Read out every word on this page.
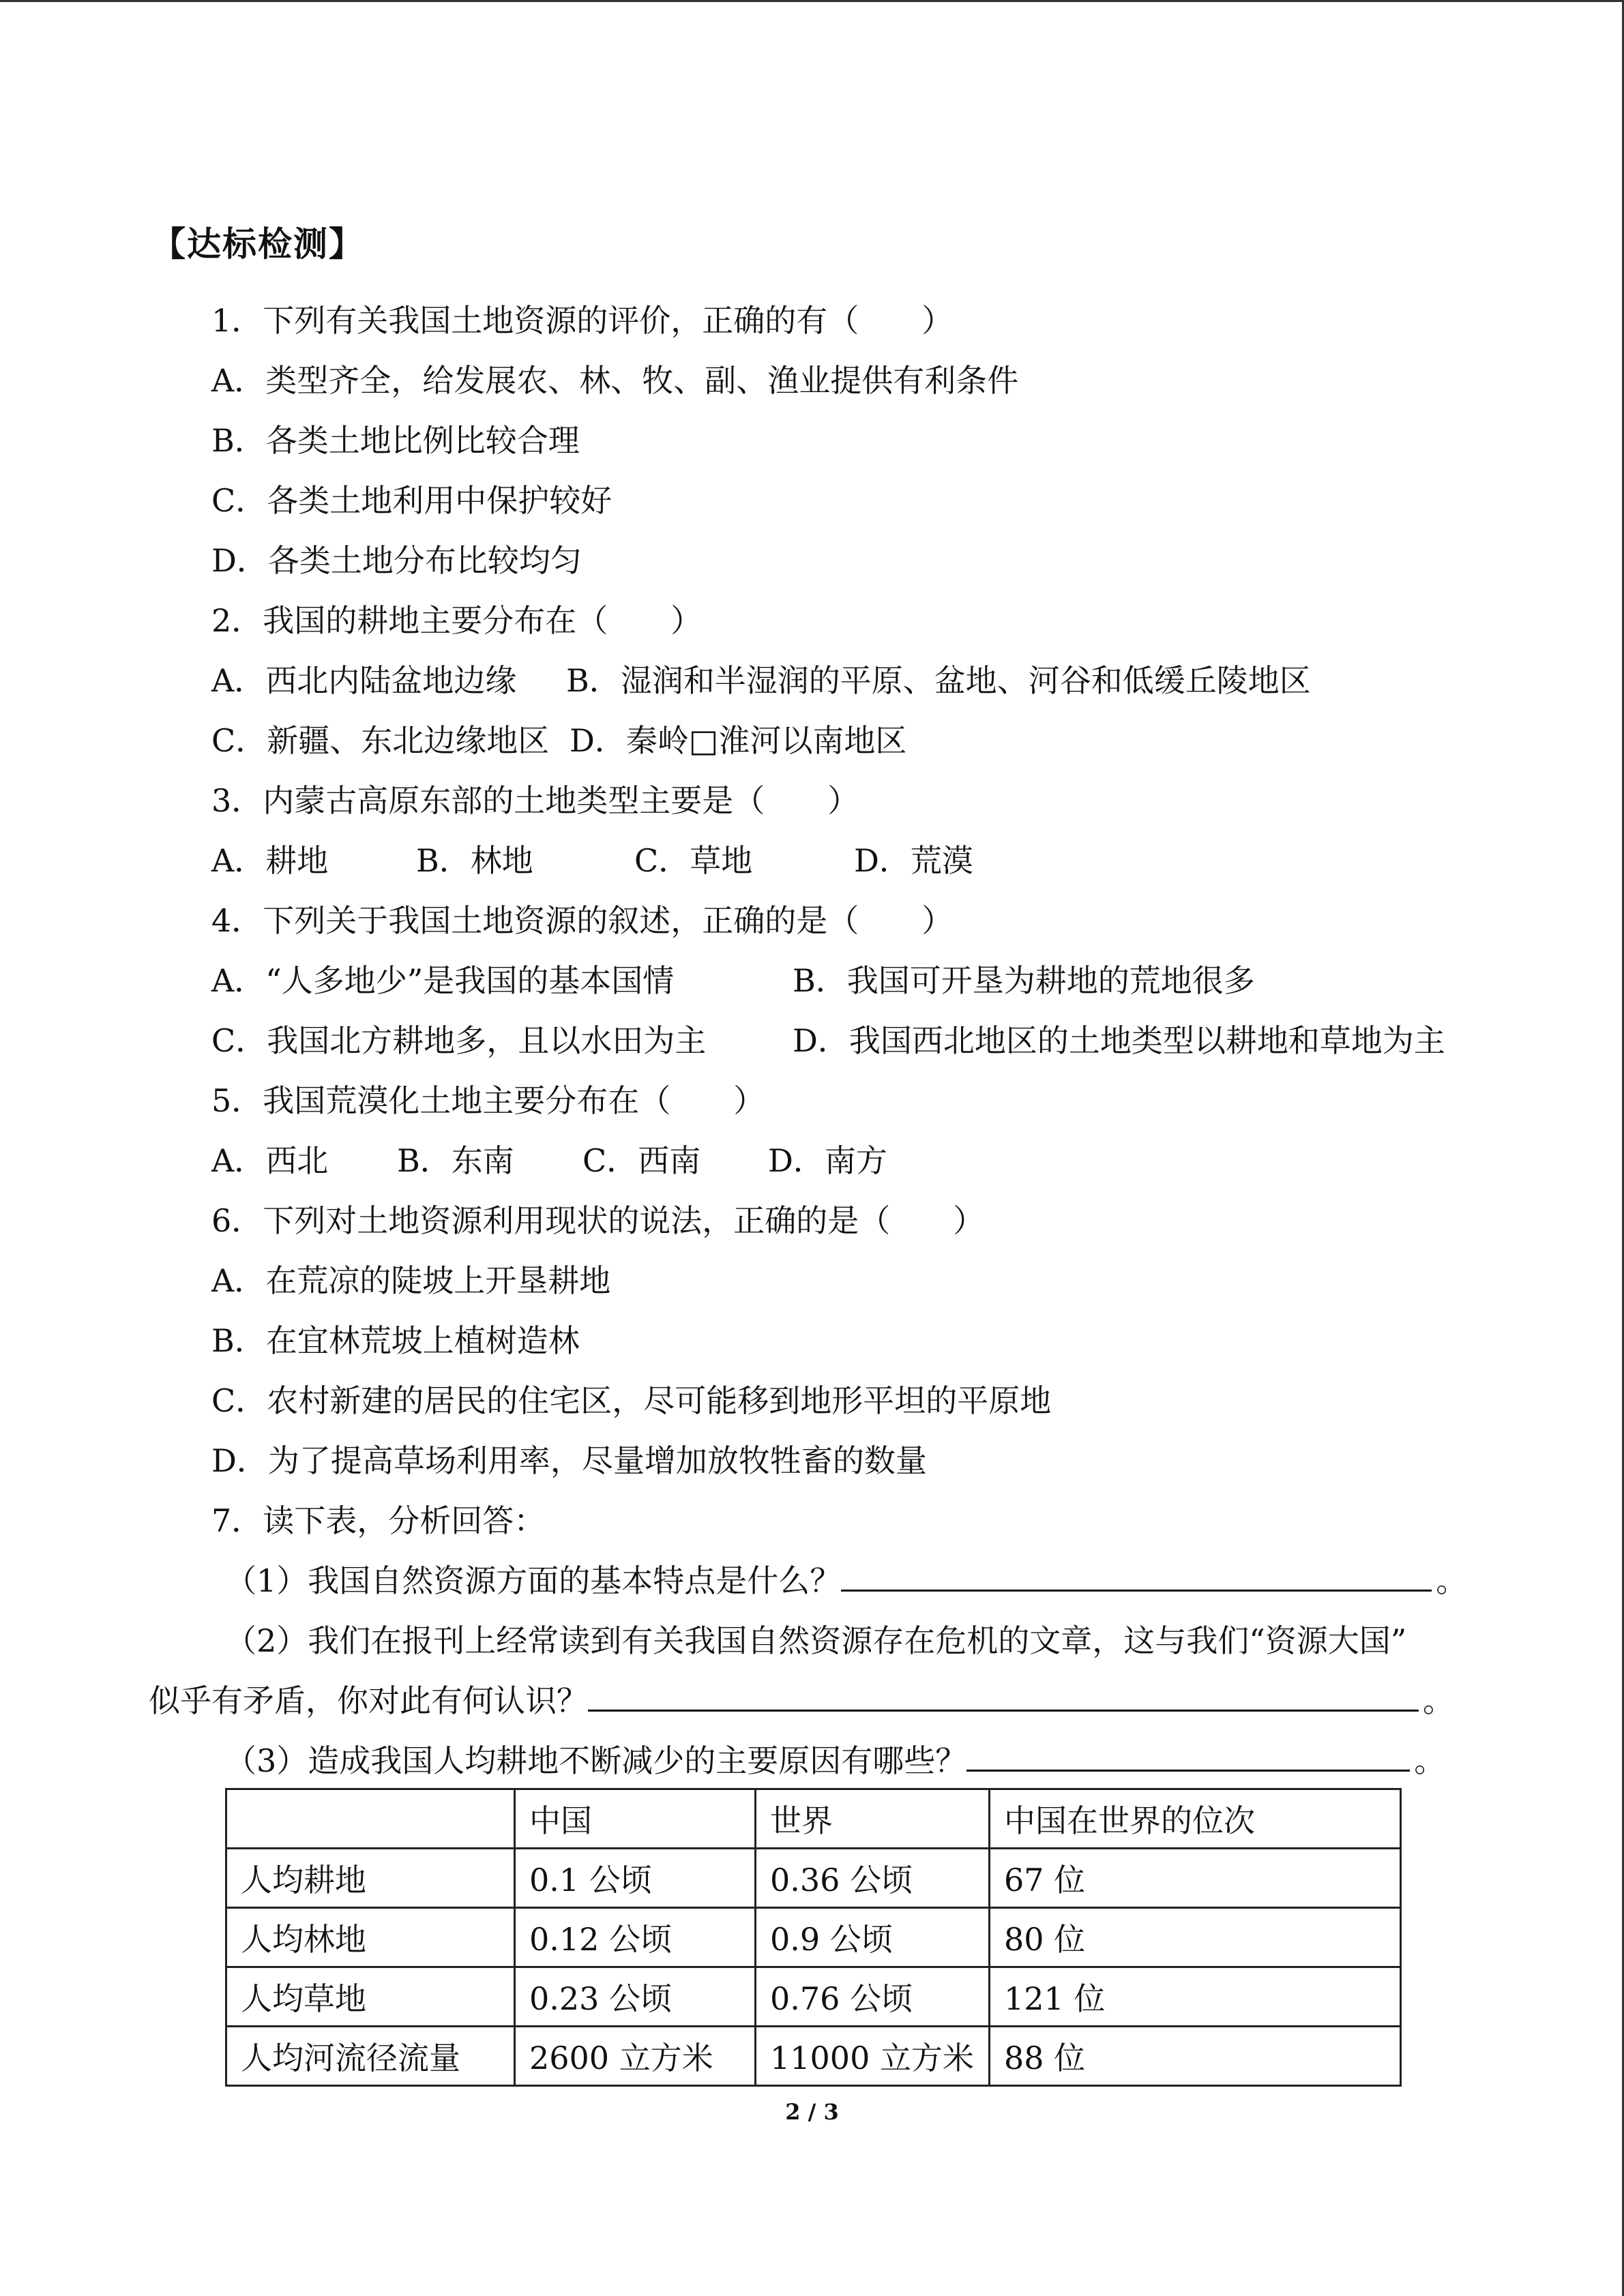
【达标检测】
1．下列有关我国土地资源的评价，正确的有（　　）
A．类型齐全，给发展农、林、牧、副、渔业提供有利条件
B．各类土地比例比较合理
C．各类土地利用中保护较好
D．各类土地分布比较均匀
2．我国的耕地主要分布在（　　）
A．西北内陆盆地边缘 B．湿润和半湿润的平原、盆地、河谷和低缓丘陵地区
C．新疆、东北边缘地区 D．秦岭□淮河以南地区
3．内蒙古高原东部的土地类型主要是（　　）
A．耕地	B．林地	C．草地	D．荒漠
4．下列关于我国土地资源的叙述，正确的是（　　）
A．“人多地少”是我国的基本国情	B．我国可开垦为耕地的荒地很多
C．我国北方耕地多，且以水田为主	D．我国西北地区的土地类型以耕地和草地为主
5．我国荒漠化土地主要分布在（　　）
A．西北 B．东南 C．西南 D．南方
6．下列对土地资源利用现状的说法，正确的是（　　）
A．在荒凉的陡坡上开垦耕地
B．在宜林荒坡上植树造林
C．农村新建的居民的住宅区，尽可能移到地形平坦的平原地
D．为了提高草场利用率，尽量增加放牧牲畜的数量
7．读下表，分析回答：
（1）我国自然资源方面的基本特点是什么？	。
（2）我们在报刊上经常读到有关我国自然资源存在危机的文章，这与我们“资源大国”
似乎有矛盾，你对此有何认识？	。
（3）造成我国人均耕地不断减少的主要原因有哪些？	。
	中国	世界	中国在世界的位次
人均耕地	0.1 公顷	0.36 公顷	67 位
人均林地	0.12 公顷	0.9 公顷	80 位
人均草地	0.23 公顷	0.76 公顷	121 位
人均河流径流量	2600 立方米	11000 立方米	88 位
2 / 3
